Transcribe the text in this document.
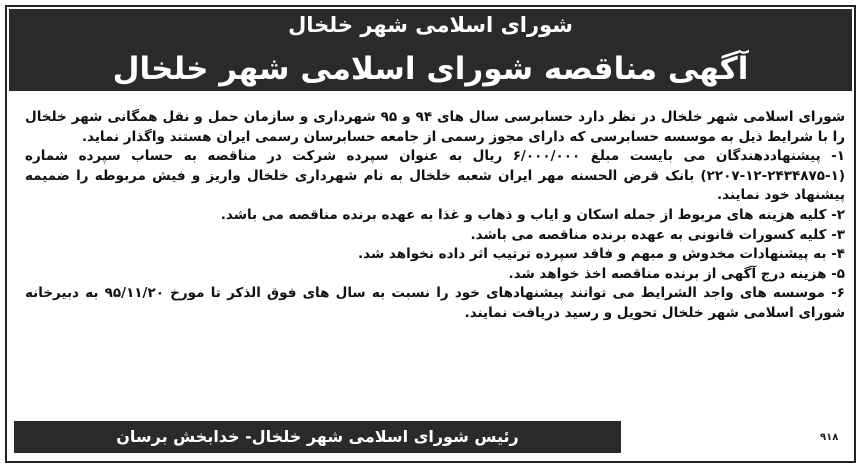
شورای اسلامی شهر خلخال
آگهی مناقصه شورای اسلامی شهر خلخال

شورای اسلامی شهر خلخال در نظر دارد حسابرسی سال های ۹۴ و ۹۵ شهرداری و سازمان حمل و نقل همگانی شهر خلخال را با شرایط ذیل به موسسه حسابرسی که دارای مجوز رسمی از جامعه حسابرسان رسمی ایران هستند واگذار نماید.

۱- پیشنهاددهندگان می بایست مبلغ ۶/۰۰۰/۰۰۰ ریال به عنوان سپرده شرکت در مناقصه به حساب سپرده شماره (۱-۲۴۳۴۸۷۵-۱۲-۲۲۰۷) بانک قرض الحسنه مهر ایران شعبه خلخال به نام شهرداری خلخال واریز و فیش مربوطه را ضمیمه پیشنهاد خود نمایند.

۲- کلیه هزینه های مربوط از جمله اسکان و ایاب و ذهاب و غذا به عهده برنده مناقصه می باشد.

۳- کلیه کسورات قانونی به عهده برنده مناقصه می باشد.

۴- به پیشنهادات مخدوش و مبهم و فاقد سپرده ترتیب اثر داده نخواهد شد.

۵- هزینه درج آگهی از برنده مناقصه اخذ خواهد شد.

۶- موسسه های واجد الشرایط می توانند پیشنهادهای خود را نسبت به سال های فوق الذکر تا مورخ ۹۵/۱۱/۲۰ به دبیرخانه شورای اسلامی شهر خلخال تحویل و رسید دریافت نمایند.

رئیس شورای اسلامی شهر خلخال- خدابخش برسان	۹۱۸
